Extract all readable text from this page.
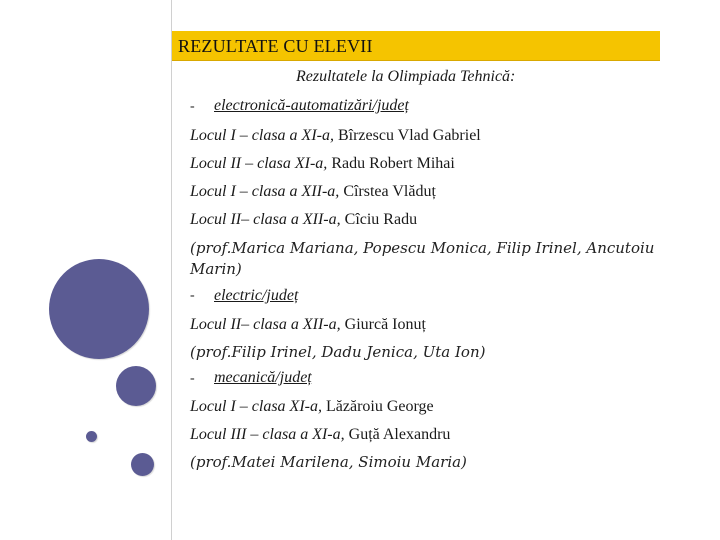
REZULTATE CU ELEVII
Rezultatele la Olimpiada Tehnică:
- electronică-automatizări/județ
Locul I – clasa a XI-a, Bîrzescu Vlad Gabriel
Locul II – clasa XI-a, Radu Robert Mihai
Locul I – clasa a XII-a, Cîrstea Vlăduț
Locul II– clasa a XII-a, Cîciu Radu
(prof.Marica Mariana, Popescu Monica, Filip Irinel, Ancutoiu Marin)
- electric/județ
Locul II– clasa a XII-a, Giurcă Ionuț
(prof.Filip Irinel, Dadu Jenica, Uta Ion)
- mecanică/județ
Locul I – clasa XI-a, Lăzăroiu George
Locul III – clasa a XI-a, Guță Alexandru
(prof.Matei Marilena, Simoiu Maria)
